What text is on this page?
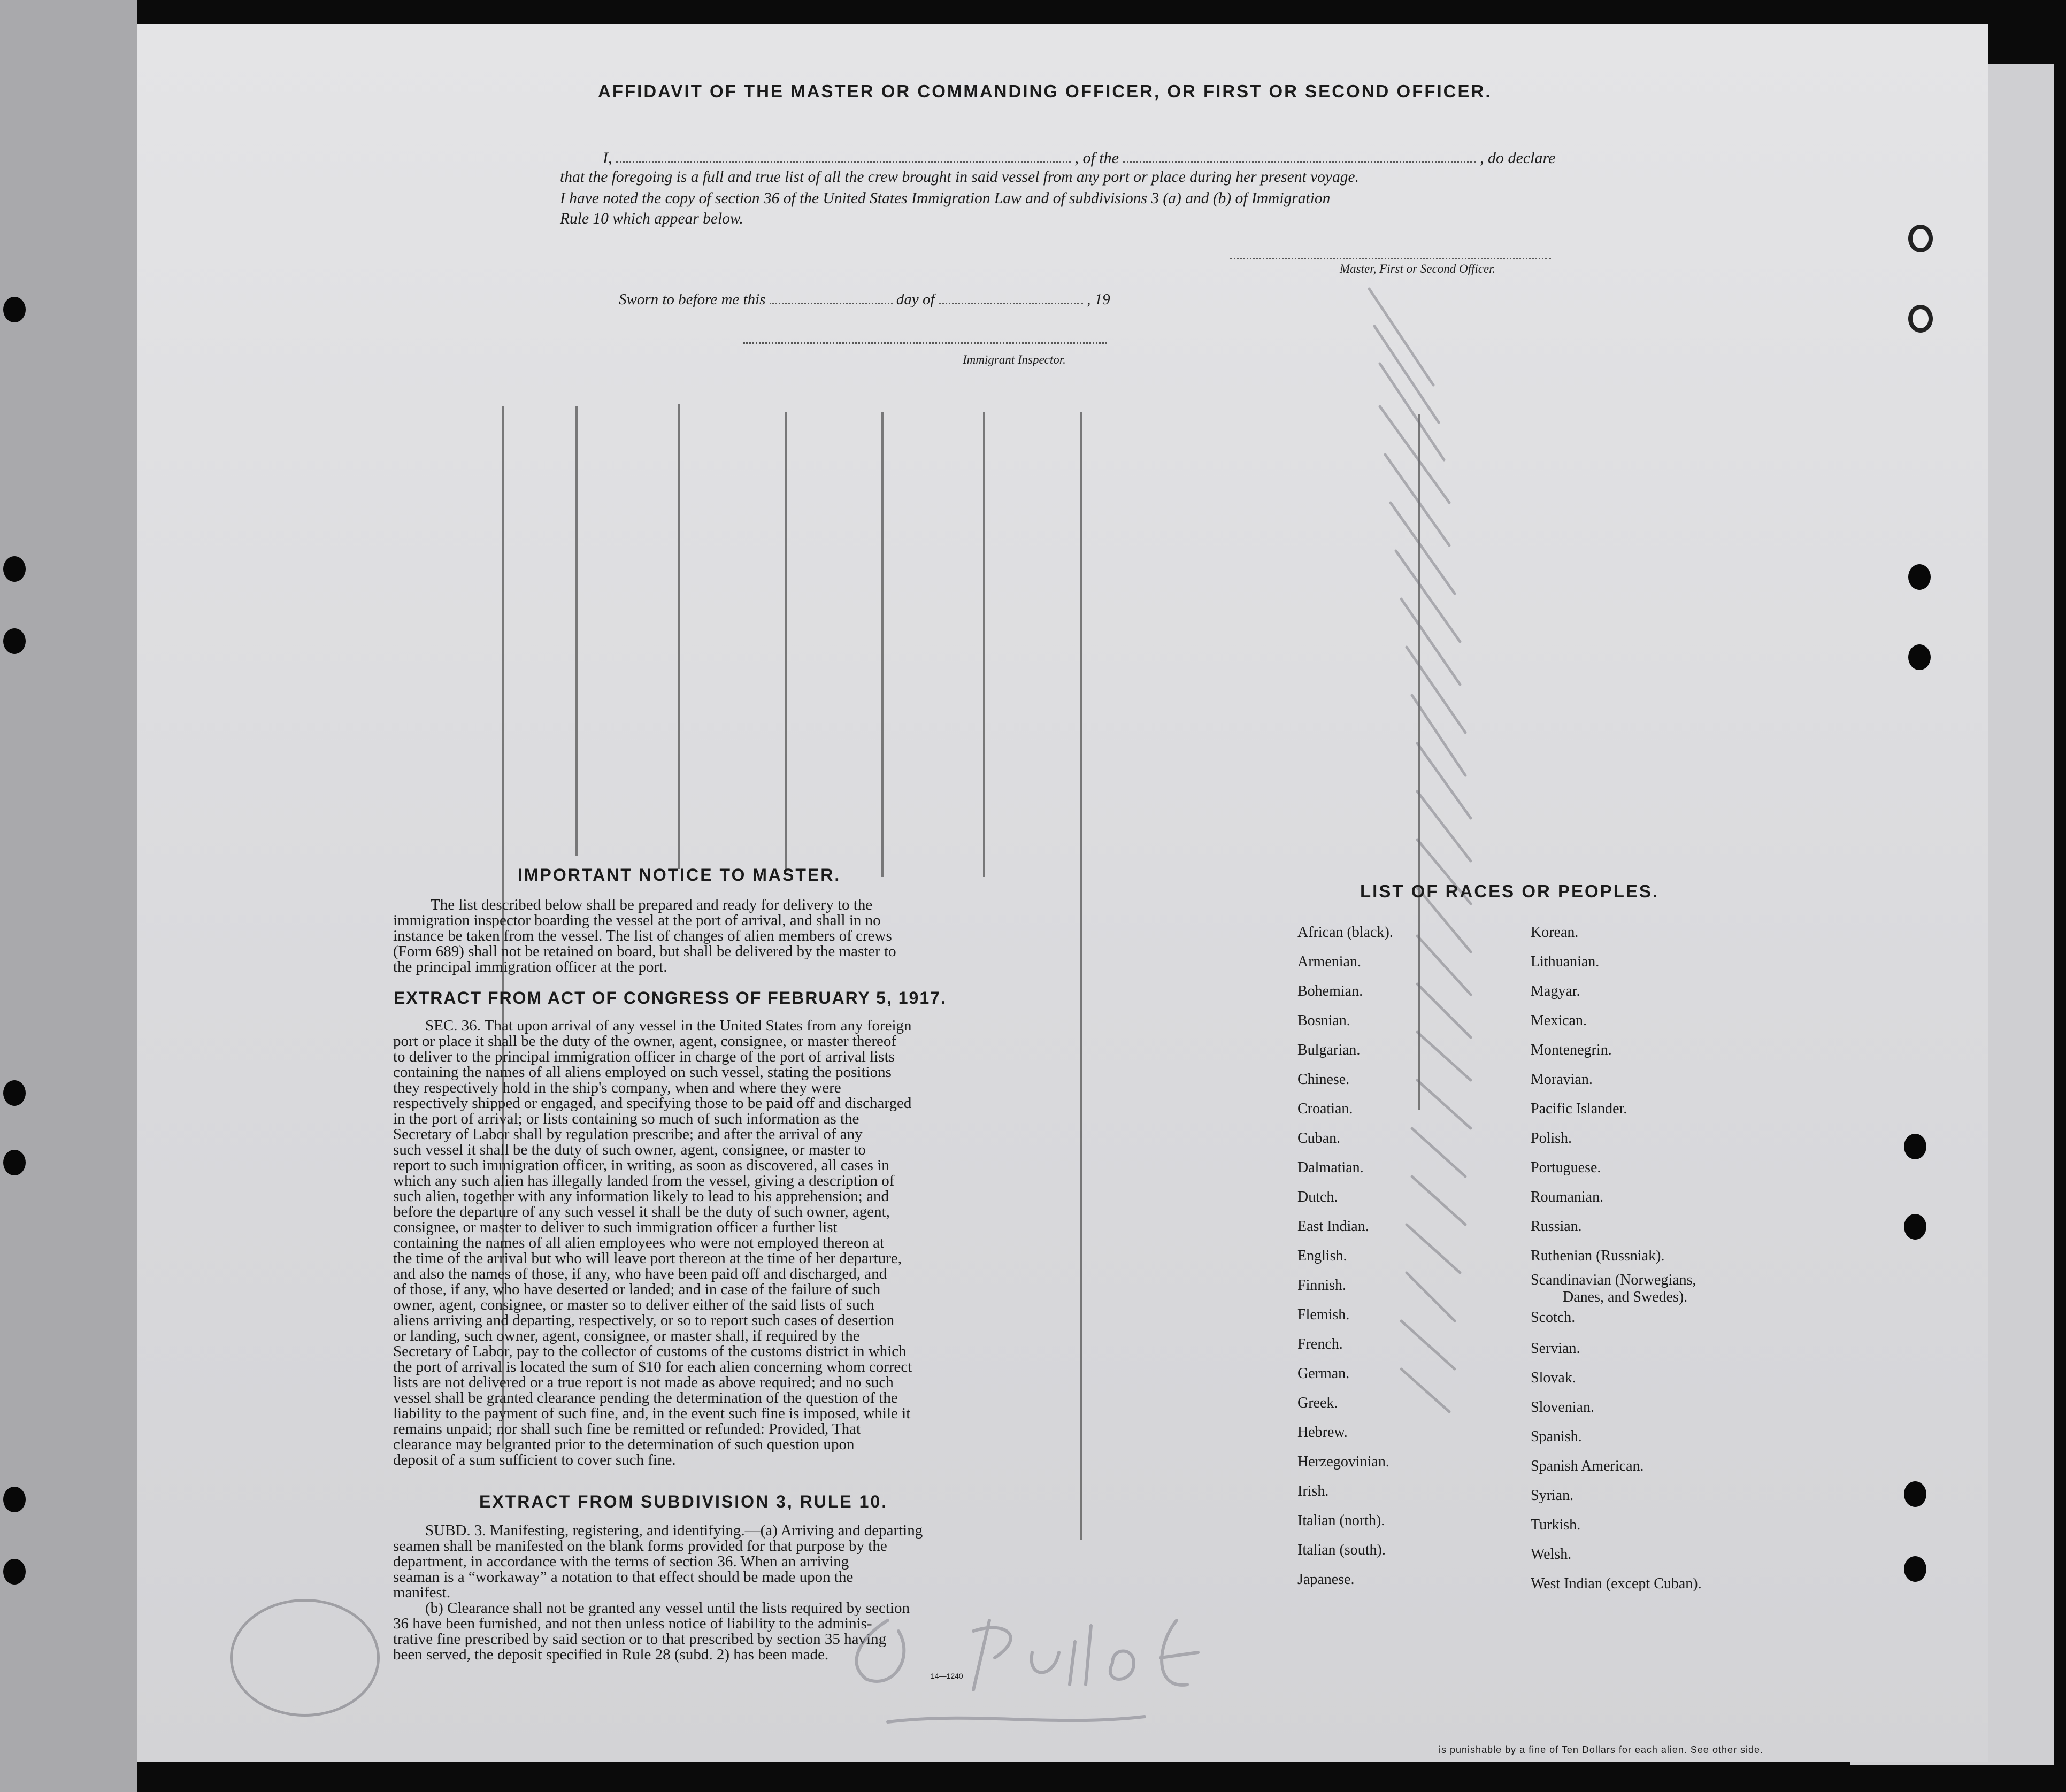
AFFIDAVIT OF THE MASTER OR COMMANDING OFFICER, OR FIRST OR SECOND OFFICER.
I,	, of the	, do declare
that the foregoing is a full and true list of all the crew brought in said vessel from any port or place during her present voyage.
I have noted the copy of section 36 of the United States Immigration Law and of subdivisions 3 (a) and (b) of Immigration
Rule 10 which appear below.
Master, First or Second Officer.
Sworn to before me this	day of	, 19
Immigrant Inspector.
IMPORTANT NOTICE TO MASTER.
The list described below shall be prepared and ready for delivery to the
immigration inspector boarding the vessel at the port of arrival, and shall in no
instance be taken from the vessel. The list of changes of alien members of crews
(Form 689) shall not be retained on board, but shall be delivered by the master to
the principal immigration officer at the port.
EXTRACT FROM ACT OF CONGRESS OF FEBRUARY 5, 1917.
SEC. 36. That upon arrival of any vessel in the United States from any foreign
port or place it shall be the duty of the owner, agent, consignee, or master thereof
to deliver to the principal immigration officer in charge of the port of arrival lists
containing the names of all aliens employed on such vessel, stating the positions
they respectively hold in the ship's company, when and where they were
respectively shipped or engaged, and specifying those to be paid off and discharged
in the port of arrival; or lists containing so much of such information as the
Secretary of Labor shall by regulation prescribe; and after the arrival of any
such vessel it shall be the duty of such owner, agent, consignee, or master to
report to such immigration officer, in writing, as soon as discovered, all cases in
which any such alien has illegally landed from the vessel, giving a description of
such alien, together with any information likely to lead to his apprehension; and
before the departure of any such vessel it shall be the duty of such owner, agent,
consignee, or master to deliver to such immigration officer a further list
containing the names of all alien employees who were not employed thereon at
the time of the arrival but who will leave port thereon at the time of her departure,
and also the names of those, if any, who have been paid off and discharged, and
of those, if any, who have deserted or landed; and in case of the failure of such
owner, agent, consignee, or master so to deliver either of the said lists of such
aliens arriving and departing, respectively, or so to report such cases of desertion
or landing, such owner, agent, consignee, or master shall, if required by the
Secretary of Labor, pay to the collector of customs of the customs district in which
the port of arrival is located the sum of $10 for each alien concerning whom correct
lists are not delivered or a true report is not made as above required; and no such
vessel shall be granted clearance pending the determination of the question of the
liability to the payment of such fine, and, in the event such fine is imposed, while it
remains unpaid; nor shall such fine be remitted or refunded: Provided, That
clearance may be granted prior to the determination of such question upon
deposit of a sum sufficient to cover such fine.
EXTRACT FROM SUBDIVISION 3, RULE 10.
SUBD. 3. Manifesting, registering, and identifying.—(a) Arriving and departing
seamen shall be manifested on the blank forms provided for that purpose by the
department, in accordance with the terms of section 36. When an arriving
seaman is a “workaway” a notation to that effect should be made upon the
manifest.
(b) Clearance shall not be granted any vessel until the lists required by section
36 have been furnished, and not then unless notice of liability to the adminis-
trative fine prescribed by said section or to that prescribed by section 35 having
been served, the deposit specified in Rule 28 (subd. 2) has been made.
14—1240
LIST OF RACES OR PEOPLES.
African (black).
Armenian.
Bohemian.
Bosnian.
Bulgarian.
Chinese.
Croatian.
Cuban.
Dalmatian.
Dutch.
East Indian.
English.
Finnish.
Flemish.
French.
German.
Greek.
Hebrew.
Herzegovinian.
Irish.
Italian (north).
Italian (south).
Japanese.
Korean.
Lithuanian.
Magyar.
Mexican.
Montenegrin.
Moravian.
Pacific Islander.
Polish.
Portuguese.
Roumanian.
Russian.
Ruthenian (Russniak).
Scandinavian (Norwegians,
Danes, and Swedes).
Scotch.
Servian.
Slovak.
Slovenian.
Spanish.
Spanish American.
Syrian.
Turkish.
Welsh.
West Indian (except Cuban).
is punishable by a fine of Ten Dollars for each alien. See other side.
